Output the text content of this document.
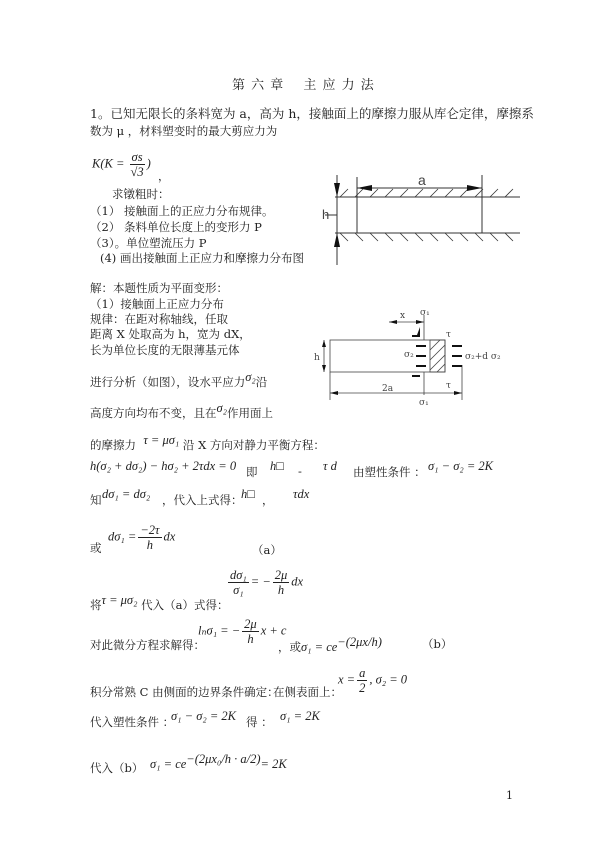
第 六 章　 主 应 力 法
1。已知无限长的条料宽为 a，高为 h，接触面上的摩擦力服从库仑定律，摩擦系
数为 μ ，材料塑变时的最大剪应力为
$K(K = \frac{\sigma s}{√3}$ )
，
求镦粗时：
（1） 接触面上的正应力分布规律。
（2） 条料单位长度上的变形力 P
（3）。单位塑流压力 P
(4) 画出接触面上正应力和摩擦力分布图
a
h
解：本题性质为平面变形：
（1）接触面上正应力分布
规律：在距对称轴线，任取
距离 X 处取高为 h，宽为 dX，
长为单位长度的无限薄基元体
σ₁
τ
σ₂	σ₂+d σ₂
τ
σ₁
h
x
2a
进行分析（如图），设水平应力$^{\sigma_2}$沿
高度方向均布不变，且在$^{\sigma_2}$作用面上
的摩擦力 $^{\tau = \mu\sigma_1}$ 沿 X 方向对静力平衡方程：
h(σ₂ + dσ₂) − hσ₂ + 2τdx = 0 即 h□ - τ d 由塑性条件 ： σ₁ − σ₂ = 2K
知 dσ₁ = dσ₂ ，代入上式得：
h□ ， τdx
或
$d\sigma_1 = \frac{-2\tau}{h}$ dx
（a）
将$^{\tau = \mu\sigma_2}$ 代入（a）式得：
$\frac{\text{dσ₁}}{\text{σ₁}}$ = − $\frac{2\mu}{h}$ dx
对此微分方程求解得：
lₙσ₁ = − $\frac{2\mu}{h}$ x + c
，或$\sigma_1 = ce^{-(2\mu x/h)}$	（b）
积分常熟 C 由侧面的边界条件确定：
在侧表面上：
$x = \frac{a}{2}$ , σ₂ = 0
代入塑性条件 ：
σ₁ − σ₂ = 2K 得 ： σ₁ = 2K
代入（b） $\sigma_1 = ce^{-(2\mu x_0/h \cdot a/2)}= 2K$
1
